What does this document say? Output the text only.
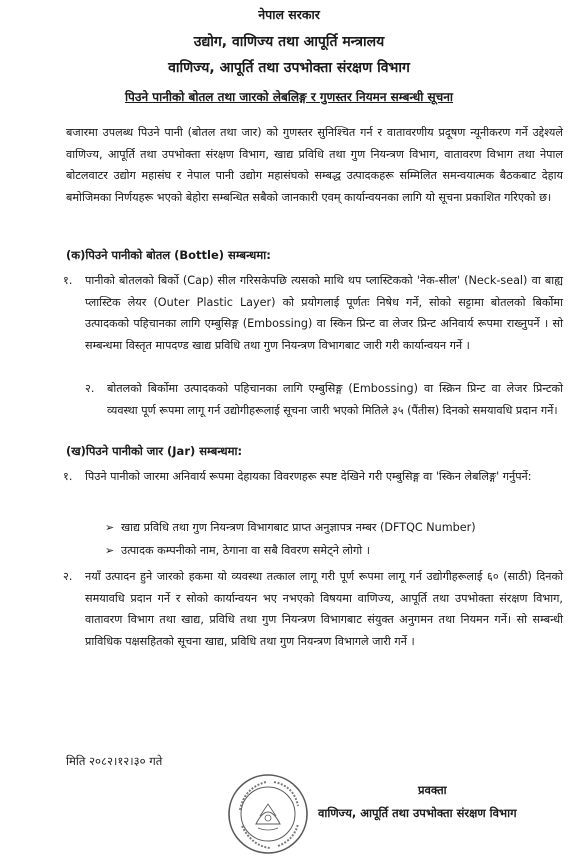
नेपाल सरकार
उद्योग, वाणिज्य तथा आपूर्ति मन्त्रालय
वाणिज्य, आपूर्ति तथा उपभोक्ता संरक्षण विभाग
पिउने पानीको बोतल तथा जारको लेबलिङ्ग र गुणस्तर नियमन सम्बन्धी सूचना

बजारमा उपलब्ध पिउने पानी (बोतल तथा जार) को गुणस्तर सुनिश्चित गर्न र वातावरणीय प्रदूषण न्यूनीकरण गर्ने उद्देश्यले वाणिज्य, आपूर्ति तथा उपभोक्ता संरक्षण विभाग, खाद्य प्रविधि तथा गुण नियन्त्रण विभाग, वातावरण विभाग तथा नेपाल बोटलवाटर उद्योग महासंघ र नेपाल पानी उद्योग महासंघको सम्बद्ध उत्पादकहरू सम्मिलित समन्वयात्मक बैठकबाट देहाय बमोजिमका निर्णयहरू भएको बेहोरा सम्बन्धित सबैको जानकारी एवम् कार्यान्वयनका लागि यो सूचना प्रकाशित गरिएको छ।

(क)पिउने पानीको बोतल (Bottle) सम्बन्धमा:
१. पानीको बोतलको बिर्को (Cap) सील गरिसकेपछि त्यसको माथि थप प्लास्टिकको 'नेक-सील' (Neck-seal) वा बाह्य प्लास्टिक लेयर (Outer Plastic Layer) को प्रयोगलाई पूर्णतः निषेध गर्ने, सोको सट्टामा बोतलको बिर्कोमा उत्पादकको पहिचानका लागि एम्बुसिङ्ग (Embossing) वा स्किन प्रिन्ट वा लेजर प्रिन्ट अनिवार्य रूपमा राख्नुपर्ने । सो सम्बन्धमा विस्तृत मापदण्ड खाद्य प्रविधि तथा गुण नियन्त्रण विभागबाट जारी गरी कार्यान्वयन गर्ने ।
२. बोतलको बिर्कोमा उत्पादकको पहिचानका लागि एम्बुसिङ्ग (Embossing) वा स्क्रिन प्रिन्ट वा लेजर प्रिन्टको व्यवस्था पूर्ण रूपमा लागू गर्न उद्योगीहरूलाई सूचना जारी भएको मितिले ३५ (पैंतीस) दिनको समयावधि प्रदान गर्ने।
(ख)पिउने पानीको जार (Jar) सम्बन्धमा:
१. पिउने पानीको जारमा अनिवार्य रूपमा देहायका विवरणहरू स्पष्ट देखिने गरी एम्बुसिङ्ग वा 'स्किन लेबलिङ्ग' गर्नुपर्ने:
➢ खाद्य प्रविधि तथा गुण नियन्त्रण विभागबाट प्राप्त अनुज्ञापत्र नम्बर (DFTQC Number)
➢ उत्पादक कम्पनीको नाम, ठेगाना वा सबै विवरण समेट्ने लोगो ।
२. नयाँ उत्पादन हुने जारको हकमा यो व्यवस्था तत्काल लागू गरी पूर्ण रूपमा लागू गर्न उद्योगीहरूलाई ६० (साठी) दिनको समयावधि प्रदान गर्ने र सोको कार्यान्वयन भए नभएको विषयमा वाणिज्य, आपूर्ति तथा उपभोक्ता संरक्षण विभाग, वातावरण विभाग तथा खाद्य, प्रविधि तथा गुण नियन्त्रण विभागबाट संयुक्त अनुगमन तथा नियमन गर्ने। सो सम्बन्धी प्राविधिक पक्षसहितको सूचना खाद्य, प्रविधि तथा गुण नियन्त्रण विभागले जारी गर्ने ।
मिति २०८२।१२।३० गते
प्रवक्ता
वाणिज्य, आपूर्ति तथा उपभोक्ता संरक्षण विभाग
